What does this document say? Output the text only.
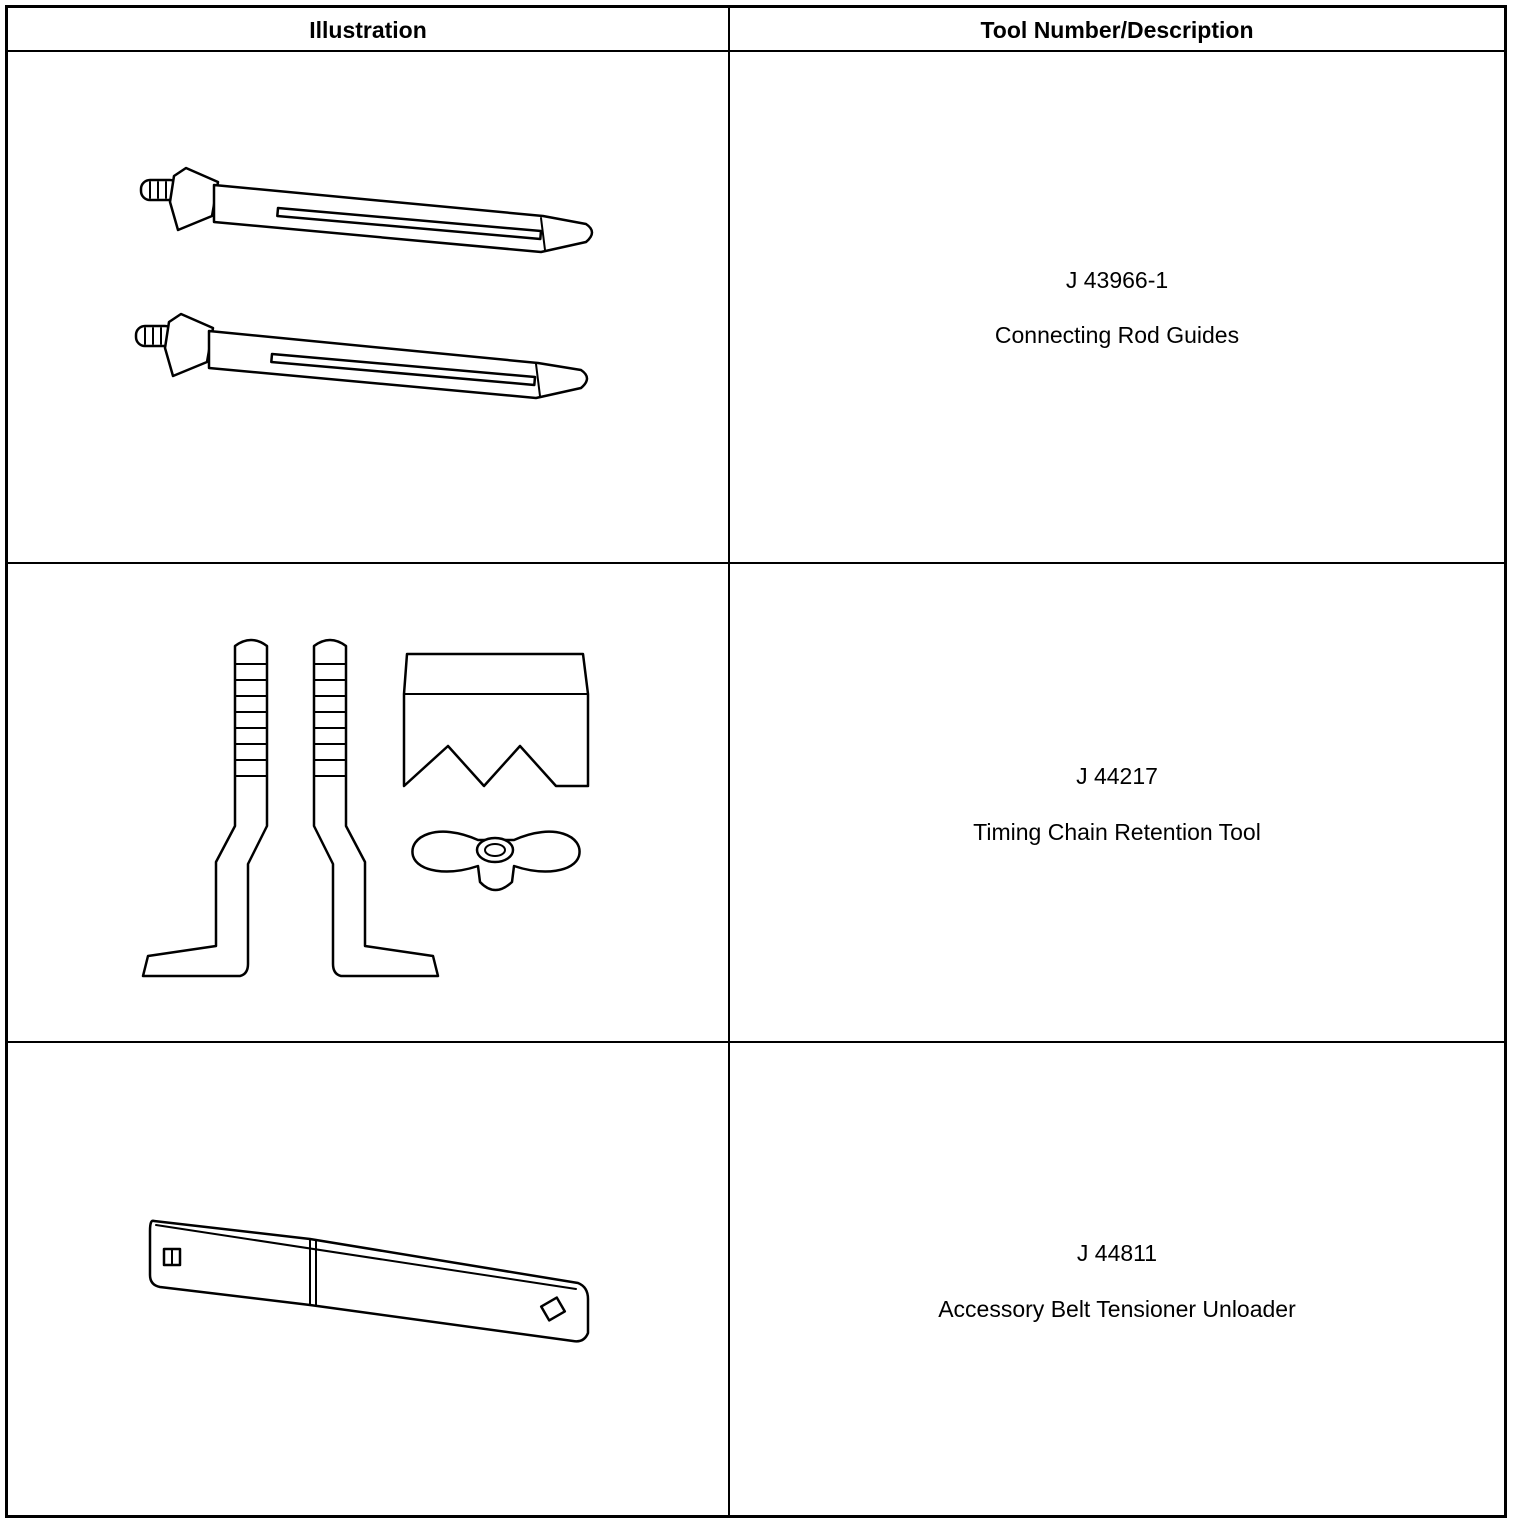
Illustration	Tool Number/Description
J 43966-1
Connecting Rod Guides
J 44217
Timing Chain Retention Tool
J 44811
Accessory Belt Tensioner Unloader
